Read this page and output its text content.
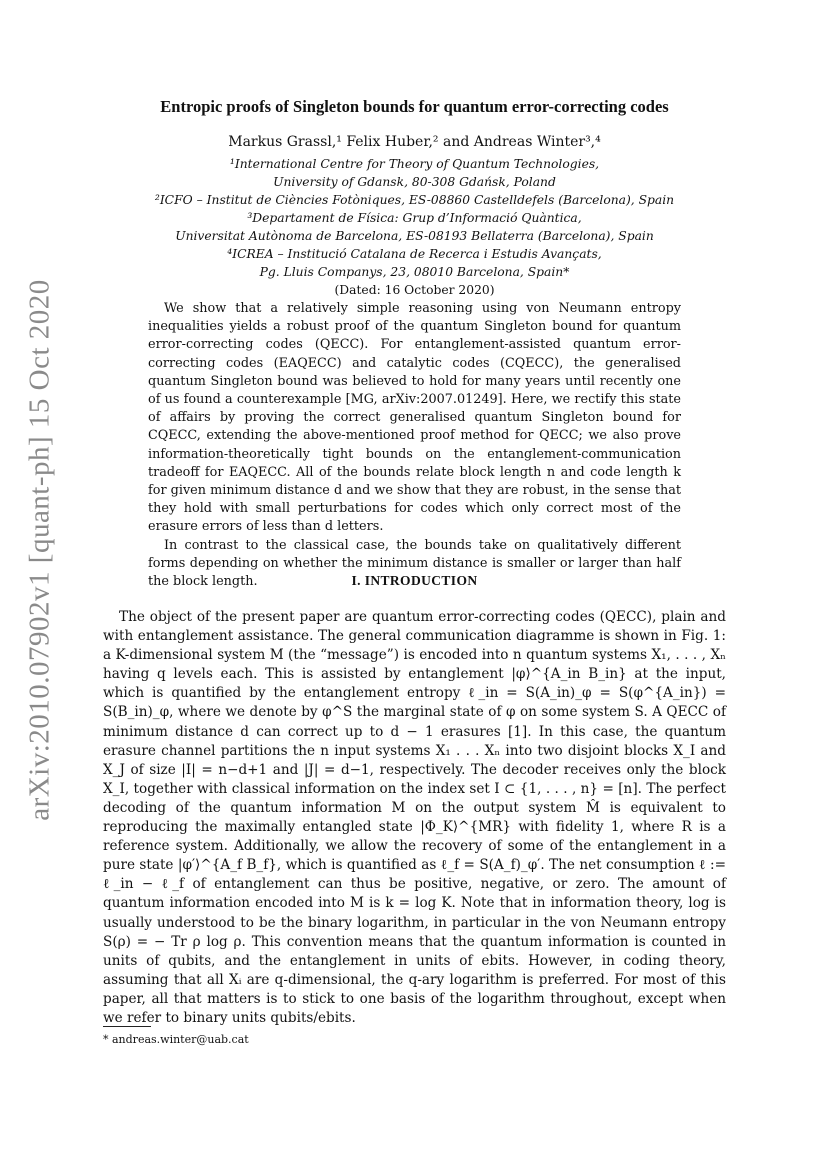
arXiv:2010.07902v1 [quant-ph] 15 Oct 2020
Entropic proofs of Singleton bounds for quantum error-correcting codes
Markus Grassl,¹ Felix Huber,² and Andreas Winter³,⁴
¹International Centre for Theory of Quantum Technologies,
University of Gdansk, 80-308 Gdańsk, Poland
²ICFO – Institut de Ciències Fotòniques, ES-08860 Castelldefels (Barcelona), Spain
³Departament de Física: Grup d’Informació Quàntica,
Universitat Autònoma de Barcelona, ES-08193 Bellaterra (Barcelona), Spain
⁴ICREA – Institució Catalana de Recerca i Estudis Avançats,
Pg. Lluis Companys, 23, 08010 Barcelona, Spain*
(Dated: 16 October 2020)

We show that a relatively simple reasoning using von Neumann entropy inequalities yields a robust proof of the quantum Singleton bound for quantum error-correcting codes (QECC). For entanglement-assisted quantum error-correcting codes (EAQECC) and catalytic codes (CQECC), the generalised quantum Singleton bound was believed to hold for many years until recently one of us found a counterexample [MG, arXiv:2007.01249]. Here, we rectify this state of affairs by proving the correct generalised quantum Singleton bound for CQECC, extending the above-mentioned proof method for QECC; we also prove information-theoretically tight bounds on the entanglement-communication tradeoff for EAQECC. All of the bounds relate block length n and code length k for given minimum distance d and we show that they are robust, in the sense that they hold with small perturbations for codes which only correct most of the erasure errors of less than d letters.

In contrast to the classical case, the bounds take on qualitatively different forms depending on whether the minimum distance is smaller or larger than half the block length.	I. INTRODUCTION

The object of the present paper are quantum error-correcting codes (QECC), plain and with entanglement assistance. The general communication diagramme is shown in Fig. 1: a K-dimensional system M (the “message”) is encoded into n quantum systems X₁, . . . , Xₙ having q levels each. This is assisted by entanglement |φ⟩^{A_in B_in} at the input, which is quantified by the entanglement entropy ℓ_in = S(A_in)_φ = S(φ^{A_in}) = S(B_in)_φ, where we denote by φ^S the marginal state of φ on some system S. A QECC of minimum distance d can correct up to d − 1 erasures [1]. In this case, the quantum erasure channel partitions the n input systems X₁ . . . Xₙ into two disjoint blocks X_I and X_J of size |I| = n−d+1 and |J| = d−1, respectively. The decoder receives only the block X_I, together with classical information on the index set I ⊂ {1, . . . , n} = [n]. The perfect decoding of the quantum information M on the output system M̂ is equivalent to reproducing the maximally entangled state |Φ_K⟩^{MR} with fidelity 1, where R is a reference system. Additionally, we allow the recovery of some of the entanglement in a pure state |φ′⟩^{A_f B_f}, which is quantified as ℓ_f = S(A_f)_φ′. The net consumption ℓ := ℓ_in − ℓ_f of entanglement can thus be positive, negative, or zero. The amount of quantum information encoded into M is k = log K. Note that in information theory, log is usually understood to be the binary logarithm, in particular in the von Neumann entropy S(ρ) = − Tr ρ log ρ. This convention means that the quantum information is counted in units of qubits, and the entanglement in units of ebits. However, in coding theory, assuming that all Xᵢ are q-dimensional, the q-ary logarithm is preferred. For most of this paper, all that matters is to stick to one basis of the logarithm throughout, except when we refer to binary units qubits/ebits.

* andreas.winter@uab.cat
